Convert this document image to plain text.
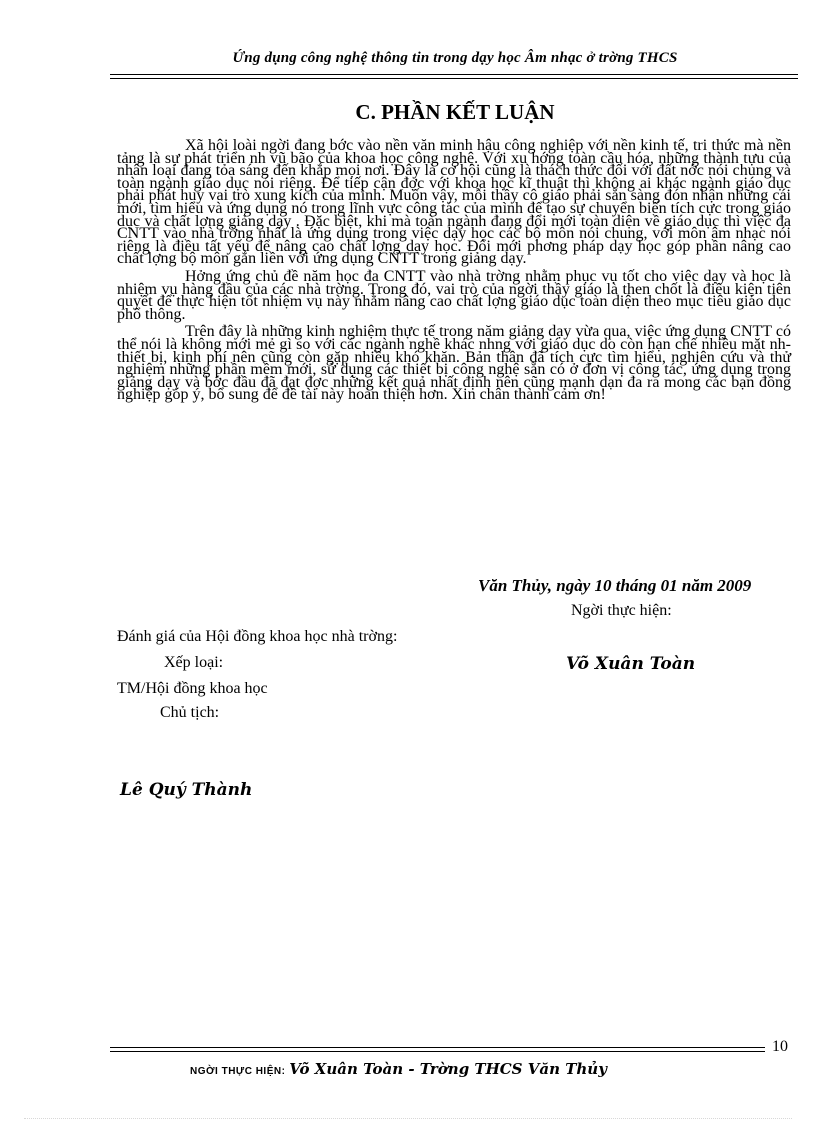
Ứng dụng công nghệ thông tin trong dạy học Âm nhạc ở trờng THCS
C. PHẦN KẾT LUẬN

Xã hội loài ngời đang bớc vào nền văn minh hậu công nghiệp với nền kinh tế, tri thức mà nền tảng là sự phát triển nh vũ bão của khoa học công nghệ. Với xu hớng toàn cầu hóa, những thành tựu của nhân loại đang tỏa sáng đến khắp mọi nơi. Đây là cơ hội cũng là thách thức đối với đất nớc nói chung và toàn ngành giáo dục nói riêng. Để tiếp cận đợc với khoa học kĩ thuật thì không ai khác ngành giáo dục phải phát huy vai trò xung kích của mình. Muốn vậy, mỗi thầy cô giáo phải sẵn sàng đón nhận những cái mới, tìm hiểu và ứng dụng nó trong lĩnh vực công tác của mình để tạo sự chuyển biến tích cực trong giáo dục và chất lợng giảng dạy . Đặc biệt, khi mà toàn ngành đang đổi mới toàn diện về giáo dục thì việc đa CNTT vào nhà trờng nhất là ứng dụng trong việc dạy học các bộ môn nói chung, với môn âm nhạc nói riêng là điều tất yếu để nâng cao chất lợng dạy học. Đổi mới phơng pháp dạy học góp phần nâng cao chất lợng bộ môn gắn liền với ứng dụng CNTT trong giảng dạy.

Hởng ứng chủ đề năm học đa CNTT vào nhà trờng nhằm phục vụ tốt cho việc dạy và học là nhiệm vụ hàng đầu của các nhà trờng. Trong đó, vai trò của ngời thầy giáo là then chốt là điều kiện tiên quyết để thực hiện tốt nhiệm vụ này nhằm nâng cao chất lợng giáo dục toàn diện theo mục tiêu giáo dục phổ thông.

Trên đây là những kinh nghiệm thực tế trong năm giảng dạy vừa qua, việc ứng dụng CNTT có thể nói là không mới mẻ gì so với các ngành nghề khác nhng với giáo dục do còn hạn chế nhiều mặt nh thiết bị, kinh phí nên cũng còn gặp nhiều khó khăn. Bản thân đã tích cực tìm hiểu, nghiên cứu và thử nghiệm những phần mềm mới, sử dụng các thiết bị công nghệ sẵn có ở đơn vị công tác, ứng dụng trong giảng dạy và bớc đầu đã đạt đợc những kết quả nhất định nên cũng mạnh dạn đa ra mong các bạn đồng nghiệp góp ý, bổ sung để đề tài này hoàn thiện hơn. Xin chân thành cảm ơn!

Văn Thủy, ngày 10 tháng 01 năm 2009
Ngời thực hiện:
Đánh giá của Hội đồng khoa học nhà trờng:
Xếp loại:	Võ Xuân Toàn
TM/Hội đồng khoa học
Chủ tịch:
Lê Quý Thành
10
NGỜI THỰC HIỆN: Võ Xuân Toàn - Trờng THCS Văn Thủy
